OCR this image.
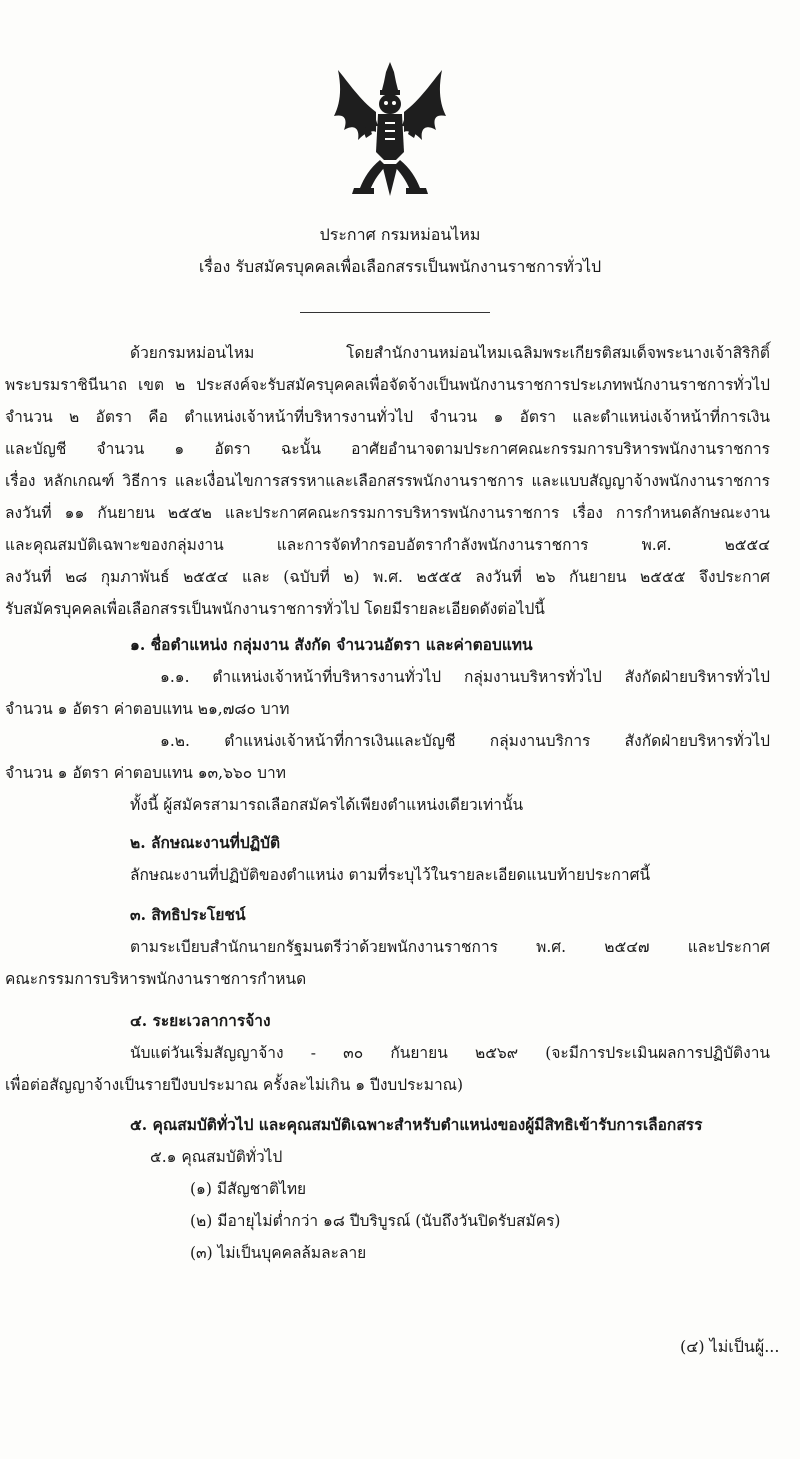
ประกาศ กรมหม่อนไหม
เรื่อง รับสมัครบุคคลเพื่อเลือกสรรเป็นพนักงานราชการทั่วไป
ด้วยกรมหม่อนไหม โดยสำนักงานหม่อนไหมเฉลิมพระเกียรติสมเด็จพระนางเจ้าสิริกิติ์
พระบรมราชินีนาถ เขต ๒ ประสงค์จะรับสมัครบุคคลเพื่อจัดจ้างเป็นพนักงานราชการประเภทพนักงานราชการทั่วไป
จำนวน ๒ อัตรา คือ ตำแหน่งเจ้าหน้าที่บริหารงานทั่วไป จำนวน ๑ อัตรา และตำแหน่งเจ้าหน้าที่การเงิน
และบัญชี จำนวน ๑ อัตรา ฉะนั้น อาศัยอำนาจตามประกาศคณะกรรมการบริหารพนักงานราชการ
เรื่อง หลักเกณฑ์ วิธีการ และเงื่อนไขการสรรหาและเลือกสรรพนักงานราชการ และแบบสัญญาจ้างพนักงานราชการ
ลงวันที่ ๑๑ กันยายน ๒๕๕๒ และประกาศคณะกรรมการบริหารพนักงานราชการ เรื่อง การกำหนดลักษณะงาน
และคุณสมบัติเฉพาะของกลุ่มงาน และการจัดทำกรอบอัตรากำลังพนักงานราชการ พ.ศ. ๒๕๕๔
ลงวันที่ ๒๘ กุมภาพันธ์ ๒๕๕๔ และ (ฉบับที่ ๒) พ.ศ. ๒๕๕๕ ลงวันที่ ๒๖ กันยายน ๒๕๕๕ จึงประกาศ
รับสมัครบุคคลเพื่อเลือกสรรเป็นพนักงานราชการทั่วไป โดยมีรายละเอียดดังต่อไปนี้
๑. ชื่อตำแหน่ง กลุ่มงาน สังกัด จำนวนอัตรา และค่าตอบแทน
๑.๑. ตำแหน่งเจ้าหน้าที่บริหารงานทั่วไป กลุ่มงานบริหารทั่วไป สังกัดฝ่ายบริหารทั่วไป
จำนวน ๑ อัตรา ค่าตอบแทน ๒๑,๗๘๐ บาท
๑.๒. ตำแหน่งเจ้าหน้าที่การเงินและบัญชี กลุ่มงานบริการ สังกัดฝ่ายบริหารทั่วไป
จำนวน ๑ อัตรา ค่าตอบแทน ๑๓,๖๖๐ บาท
ทั้งนี้ ผู้สมัครสามารถเลือกสมัครได้เพียงตำแหน่งเดียวเท่านั้น
๒. ลักษณะงานที่ปฏิบัติ
ลักษณะงานที่ปฏิบัติของตำแหน่ง ตามที่ระบุไว้ในรายละเอียดแนบท้ายประกาศนี้
๓. สิทธิประโยชน์
ตามระเบียบสำนักนายกรัฐมนตรีว่าด้วยพนักงานราชการ พ.ศ. ๒๕๔๗ และประกาศ
คณะกรรมการบริหารพนักงานราชการกำหนด
๔. ระยะเวลาการจ้าง
นับแต่วันเริ่มสัญญาจ้าง - ๓๐ กันยายน ๒๕๖๙ (จะมีการประเมินผลการปฏิบัติงาน
เพื่อต่อสัญญาจ้างเป็นรายปีงบประมาณ ครั้งละไม่เกิน ๑ ปีงบประมาณ)
๕. คุณสมบัติทั่วไป และคุณสมบัติเฉพาะสำหรับตำแหน่งของผู้มีสิทธิเข้ารับการเลือกสรร
๕.๑ คุณสมบัติทั่วไป
(๑) มีสัญชาติไทย
(๒) มีอายุไม่ต่ำกว่า ๑๘ ปีบริบูรณ์ (นับถึงวันปิดรับสมัคร)
(๓) ไม่เป็นบุคคลล้มละลาย
(๔) ไม่เป็นผู้...
